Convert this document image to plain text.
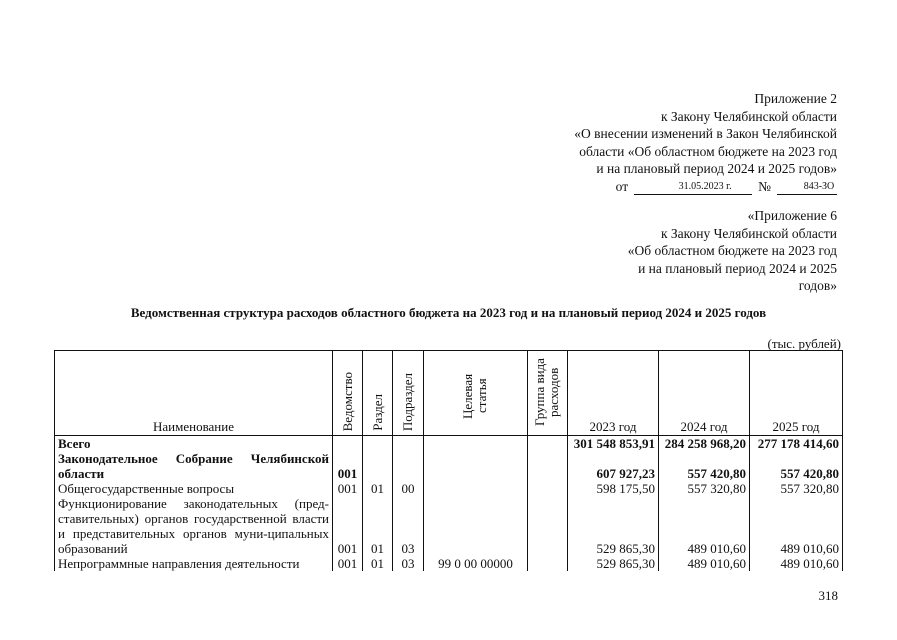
Приложение 2
к Закону Челябинской области
«О внесении изменений в Закон Челябинской
области «Об областном бюджете на 2023 год
и на плановый период 2024 и 2025 годов»
от	31.05.2023 г.	№	843-ЗО
«Приложение 6
к Закону Челябинской области
«Об областном бюджете на 2023 год
и на плановый период 2024 и 2025
годов»
Ведомственная структура расходов областного бюджета на 2023 год и на плановый период 2024 и 2025 годов
(тыс. рублей)
Наименование	Ведомство	Раздел	Подраздел	Целевая статья	Группа вида расходов	2023 год	2024 год	2025 год
Всего						301 548 853,91	284 258 968,20	277 178 414,60
Законодательное Собрание Челябинской области	001					607 927,23	557 420,80	557 420,80
Общегосударственные вопросы	001	01	00			598 175,50	557 320,80	557 320,80
Функционирование законодательных (пред-ставительных) органов государственной власти и представительных органов муни-ципальных образований	001	01	03			529 865,30	489 010,60	489 010,60
Непрограммные направления деятельности	001	01	03	99 0 00 00000		529 865,30	489 010,60	489 010,60
318
